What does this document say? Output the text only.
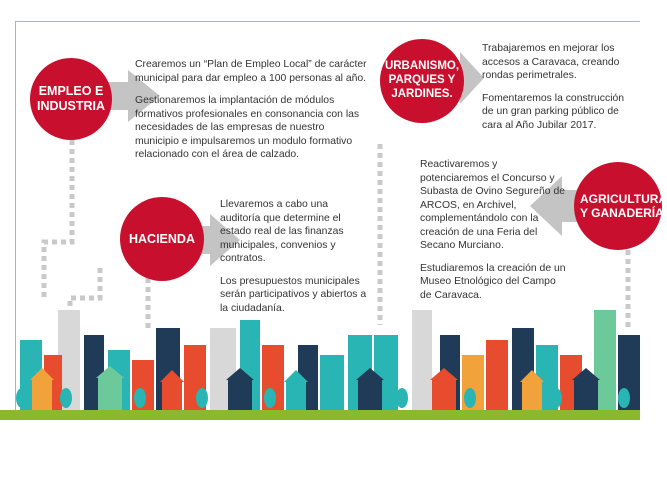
EMPLEO E INDUSTRIA

Crearemos un “Plan de Empleo Local” de carácter municipal para dar empleo a 100 personas al año.

Gestionaremos la implantación de módulos formativos profesionales en consonancia con las necesidades de las empresas de nuestro municipio e impulsaremos un modulo formativo relacionado con el área de calzado.

HACIENDA

Llevaremos a cabo una auditoría que determine el estado real de las finanzas municipales, convenios y contratos.

Los presupuestos municipales serán participativos y abiertos a la ciudadanía.

URBANISMO, PARQUES Y JARDINES.

Trabajaremos en mejorar los accesos a Caravaca, creando rondas perimetrales.

Fomentaremos la construcción de un gran parking público de cara al Año Jubilar 2017.

AGRICULTURA Y GANADERÍA

Reactivaremos y potenciaremos el Concurso y Subasta de Ovino Segureño de ARCOS, en Archivel, complementándolo con la creación de una Feria del Secano Murciano.

Estudiaremos la creación de un Museo Etnológico del Campo de Caravaca.
